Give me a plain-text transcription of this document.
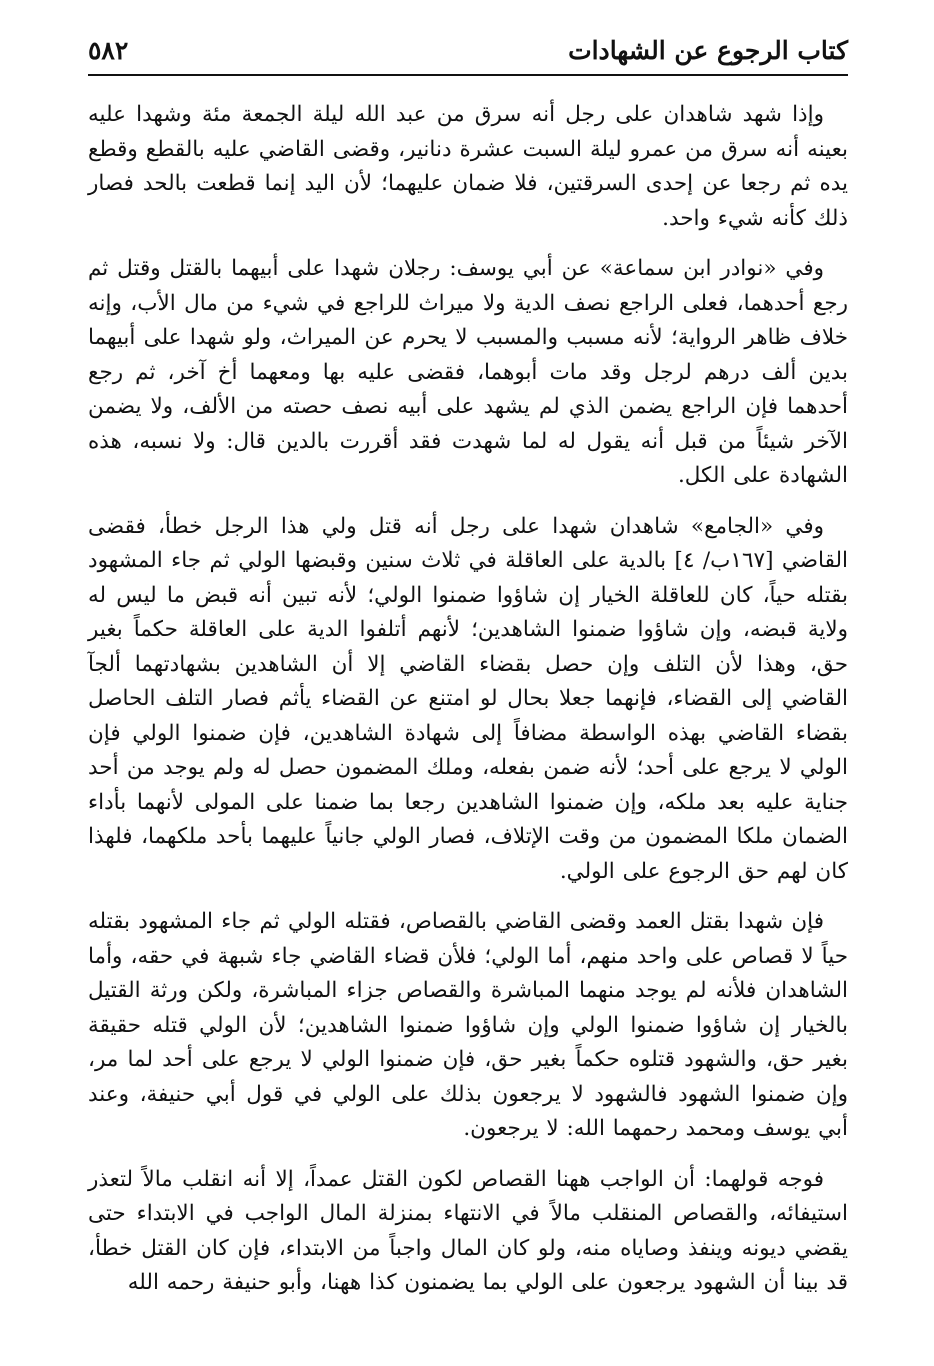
كتاب الرجوع عن الشهادات
٥٨٢

وإذا شهد شاهدان على رجل أنه سرق من عبد الله ليلة الجمعة مئة وشهدا عليه بعينه أنه سرق من عمرو ليلة السبت عشرة دنانير، وقضى القاضي عليه بالقطع وقطع يده ثم رجعا عن إحدى السرقتين، فلا ضمان عليهما؛ لأن اليد إنما قطعت بالحد فصار ذلك كأنه شيء واحد.

وفي «نوادر ابن سماعة» عن أبي يوسف: رجلان شهدا على أبيهما بالقتل وقتل ثم رجع أحدهما، فعلى الراجع نصف الدية ولا ميراث للراجع في شيء من مال الأب، وإنه خلاف ظاهر الرواية؛ لأنه مسبب والمسبب لا يحرم عن الميراث، ولو شهدا على أبيهما بدين ألف درهم لرجل وقد مات أبوهما، فقضى عليه بها ومعهما أخ آخر، ثم رجع أحدهما فإن الراجع يضمن الذي لم يشهد على أبيه نصف حصته من الألف، ولا يضمن الآخر شيئاً من قبل أنه يقول له لما شهدت فقد أقررت بالدين قال: ولا نسبه، هذه الشهادة على الكل.

وفي «الجامع» شاهدان شهدا على رجل أنه قتل ولي هذا الرجل خطأ، فقضى القاضي [١٦٧ب/ ٤] بالدية على العاقلة في ثلاث سنين وقبضها الولي ثم جاء المشهود بقتله حياً، كان للعاقلة الخيار إن شاؤوا ضمنوا الولي؛ لأنه تبين أنه قبض ما ليس له ولاية قبضه، وإن شاؤوا ضمنوا الشاهدين؛ لأنهم أتلفوا الدية على العاقلة حكماً بغير حق، وهذا لأن التلف وإن حصل بقضاء القاضي إلا أن الشاهدين بشهادتهما ألجآ القاضي إلى القضاء، فإنهما جعلا بحال لو امتنع عن القضاء يأثم فصار التلف الحاصل بقضاء القاضي بهذه الواسطة مضافاً إلى شهادة الشاهدين، فإن ضمنوا الولي فإن الولي لا يرجع على أحد؛ لأنه ضمن بفعله، وملك المضمون حصل له ولم يوجد من أحد جناية عليه بعد ملكه، وإن ضمنوا الشاهدين رجعا بما ضمنا على المولى لأنهما بأداء الضمان ملكا المضمون من وقت الإتلاف، فصار الولي جانياً عليهما بأحد ملكهما، فلهذا كان لهم حق الرجوع على الولي.

فإن شهدا بقتل العمد وقضى القاضي بالقصاص، فقتله الولي ثم جاء المشهود بقتله حياً لا قصاص على واحد منهم، أما الولي؛ فلأن قضاء القاضي جاء شبهة في حقه، وأما الشاهدان فلأنه لم يوجد منهما المباشرة والقصاص جزاء المباشرة، ولكن ورثة القتيل بالخيار إن شاؤوا ضمنوا الولي وإن شاؤوا ضمنوا الشاهدين؛ لأن الولي قتله حقيقة بغير حق، والشهود قتلوه حكماً بغير حق، فإن ضمنوا الولي لا يرجع على أحد لما مر، وإن ضمنوا الشهود فالشهود لا يرجعون بذلك على الولي في قول أبي حنيفة، وعند أبي يوسف ومحمد رحمهما الله: لا يرجعون.

فوجه قولهما: أن الواجب ههنا القصاص لكون القتل عمداً، إلا أنه انقلب مالاً لتعذر استيفائه، والقصاص المنقلب مالاً في الانتهاء بمنزلة المال الواجب في الابتداء حتى يقضي ديونه وينفذ وصاياه منه، ولو كان المال واجباً من الابتداء، فإن كان القتل خطأ، قد بينا أن الشهود يرجعون على الولي بما يضمنون كذا ههنا، وأبو حنيفة رحمه الله
